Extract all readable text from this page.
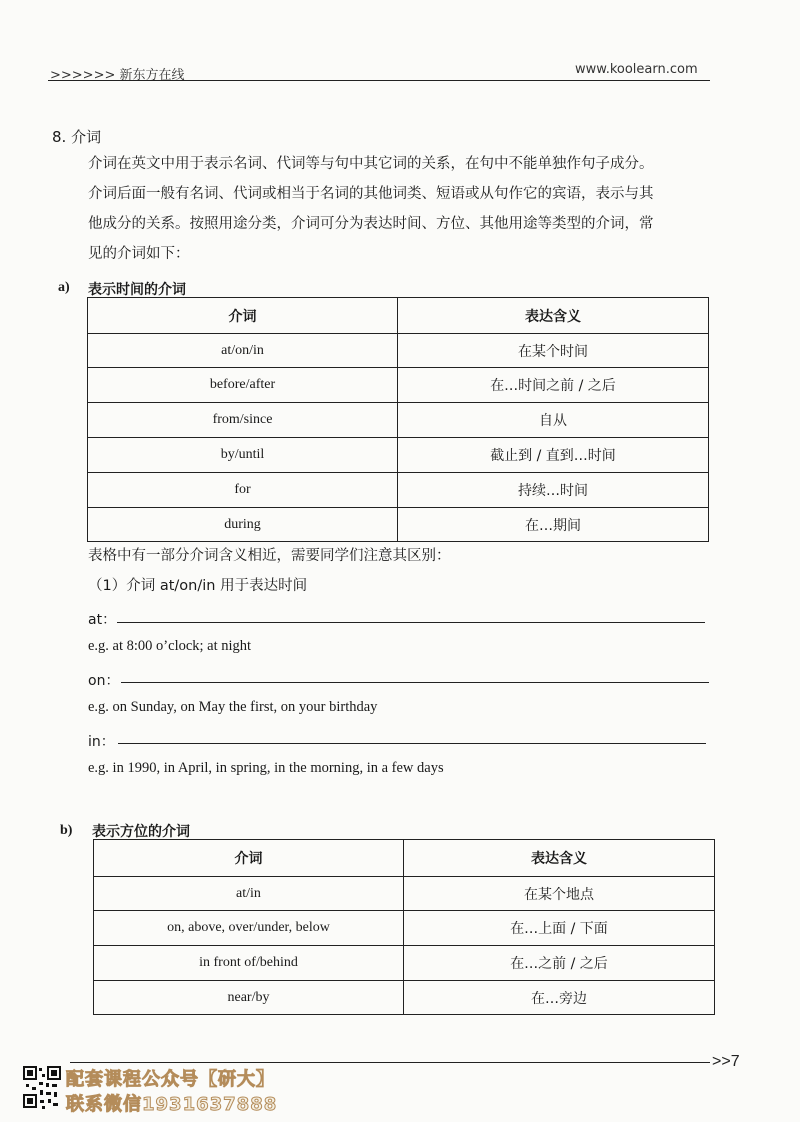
>>>>>> 新东方在线	www.koolearn.com
8. 介词
介词在英文中用于表示名词、代词等与句中其它词的关系，在句中不能单独作句子成分。
介词后面一般有名词、代词或相当于名词的其他词类、短语或从句作它的宾语，表示与其
他成分的关系。按照用途分类，介词可分为表达时间、方位、其他用途等类型的介词，常
见的介词如下：
a) 表示时间的介词
介词	表达含义
at/on/in	在某个时间
before/after	在…时间之前 / 之后
from/since	自从
by/until	截止到 / 直到…时间
for	持续…时间
during	在…期间
表格中有一部分介词含义相近，需要同学们注意其区别：
（1）介词 at/on/in 用于表达时间
at：
e.g. at 8:00 o’clock; at night
on：
e.g. on Sunday, on May the first, on your birthday
in：
e.g. in 1990, in April, in spring, in the morning, in a few days
b) 表示方位的介词
介词	表达含义
at/in	在某个地点
on, above, over/under, below	在…上面 / 下面
in front of/behind	在…之前 / 之后
near/by	在…旁边
>>7
配套课程公众号【研大】
联系微信1931637888
